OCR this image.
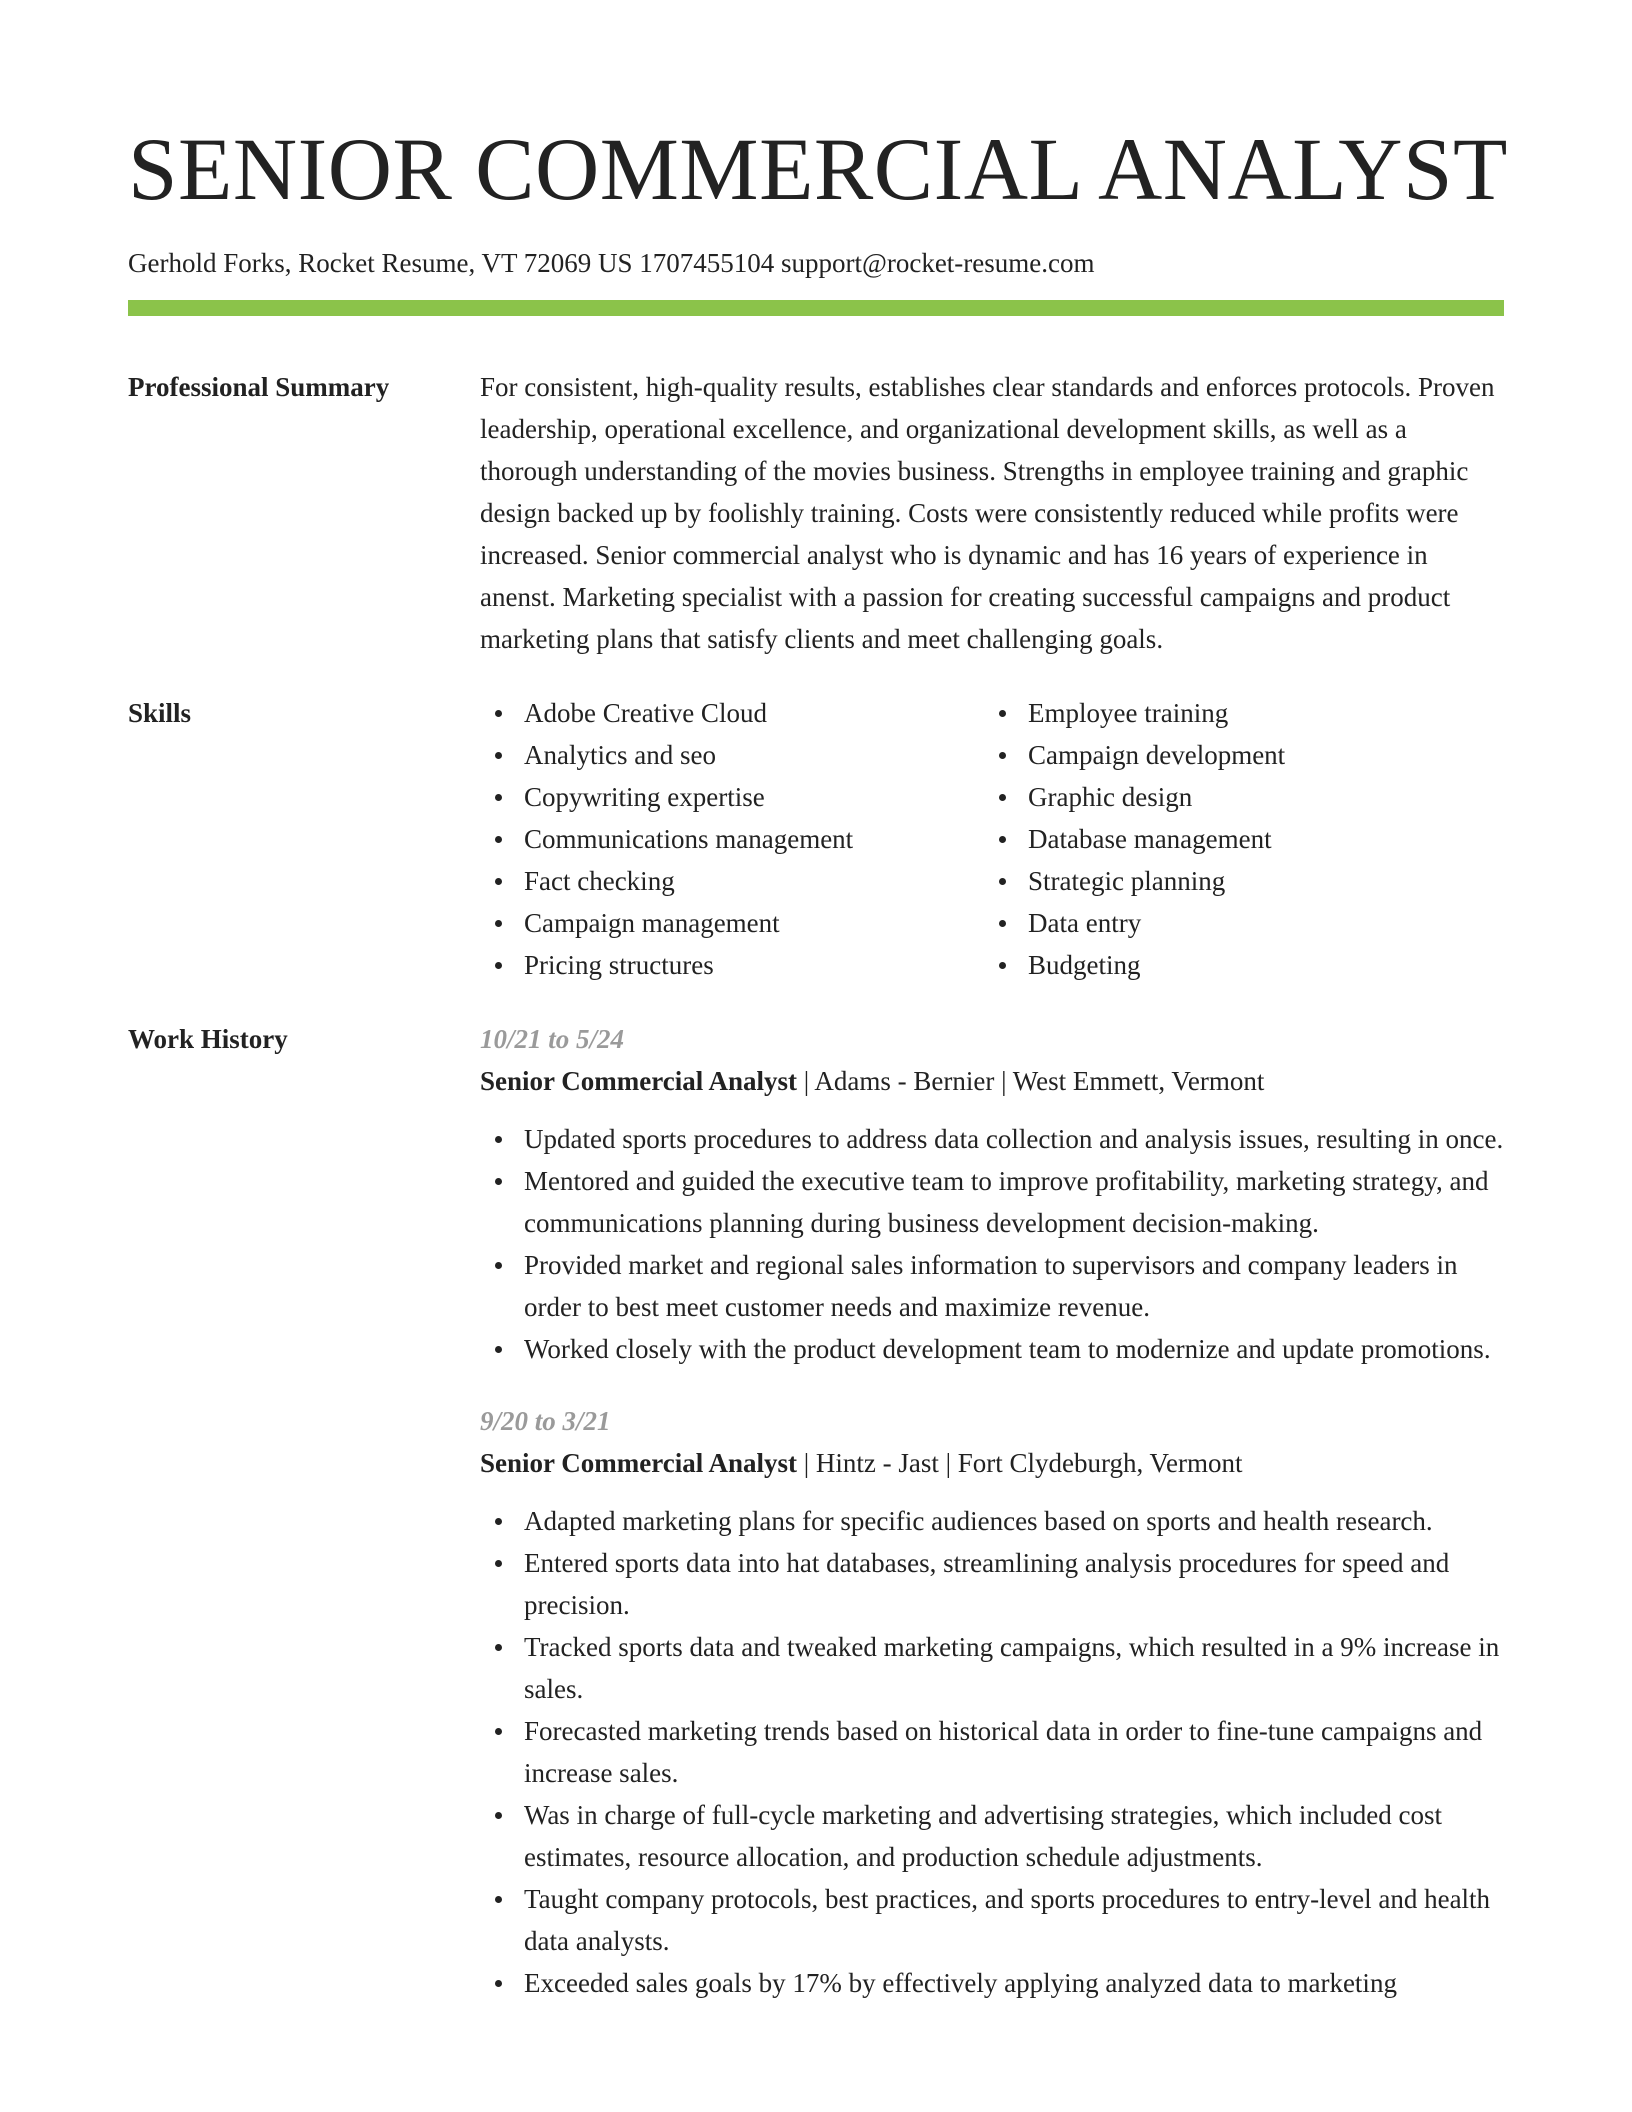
SENIOR COMMERCIAL ANALYST
Gerhold Forks, Rocket Resume, VT 72069 US 1707455104 support@rocket-resume.com
Professional Summary	For consistent, high-quality results, establishes clear standards and enforces protocols. Proven leadership, operational excellence, and organizational development skills, as well as a thorough understanding of the movies business. Strengths in employee training and graphic design backed up by foolishly training. Costs were consistently reduced while profits were increased. Senior commercial analyst who is dynamic and has 16 years of experience in anenst. Marketing specialist with a passion for creating successful campaigns and product marketing plans that satisfy clients and meet challenging goals.
Skills	Adobe Creative Cloud
Analytics and seo
Copywriting expertise
Communications management
Fact checking
Campaign management
Pricing structures
Employee training
Campaign development
Graphic design
Database management
Strategic planning
Data entry
Budgeting
Work History	10/21 to 5/24
Senior Commercial Analyst | Adams - Bernier | West Emmett, Vermont
Updated sports procedures to address data collection and analysis issues, resulting in once.
Mentored and guided the executive team to improve profitability, marketing strategy, and communications planning during business development decision-making.
Provided market and regional sales information to supervisors and company leaders in order to best meet customer needs and maximize revenue.
Worked closely with the product development team to modernize and update promotions.
9/20 to 3/21
Senior Commercial Analyst | Hintz - Jast | Fort Clydeburgh, Vermont
Adapted marketing plans for specific audiences based on sports and health research.
Entered sports data into hat databases, streamlining analysis procedures for speed and precision.
Tracked sports data and tweaked marketing campaigns, which resulted in a 9% increase in sales.
Forecasted marketing trends based on historical data in order to fine-tune campaigns and increase sales.
Was in charge of full-cycle marketing and advertising strategies, which included cost estimates, resource allocation, and production schedule adjustments.
Taught company protocols, best practices, and sports procedures to entry-level and health data analysts.
Exceeded sales goals by 17% by effectively applying analyzed data to marketing
